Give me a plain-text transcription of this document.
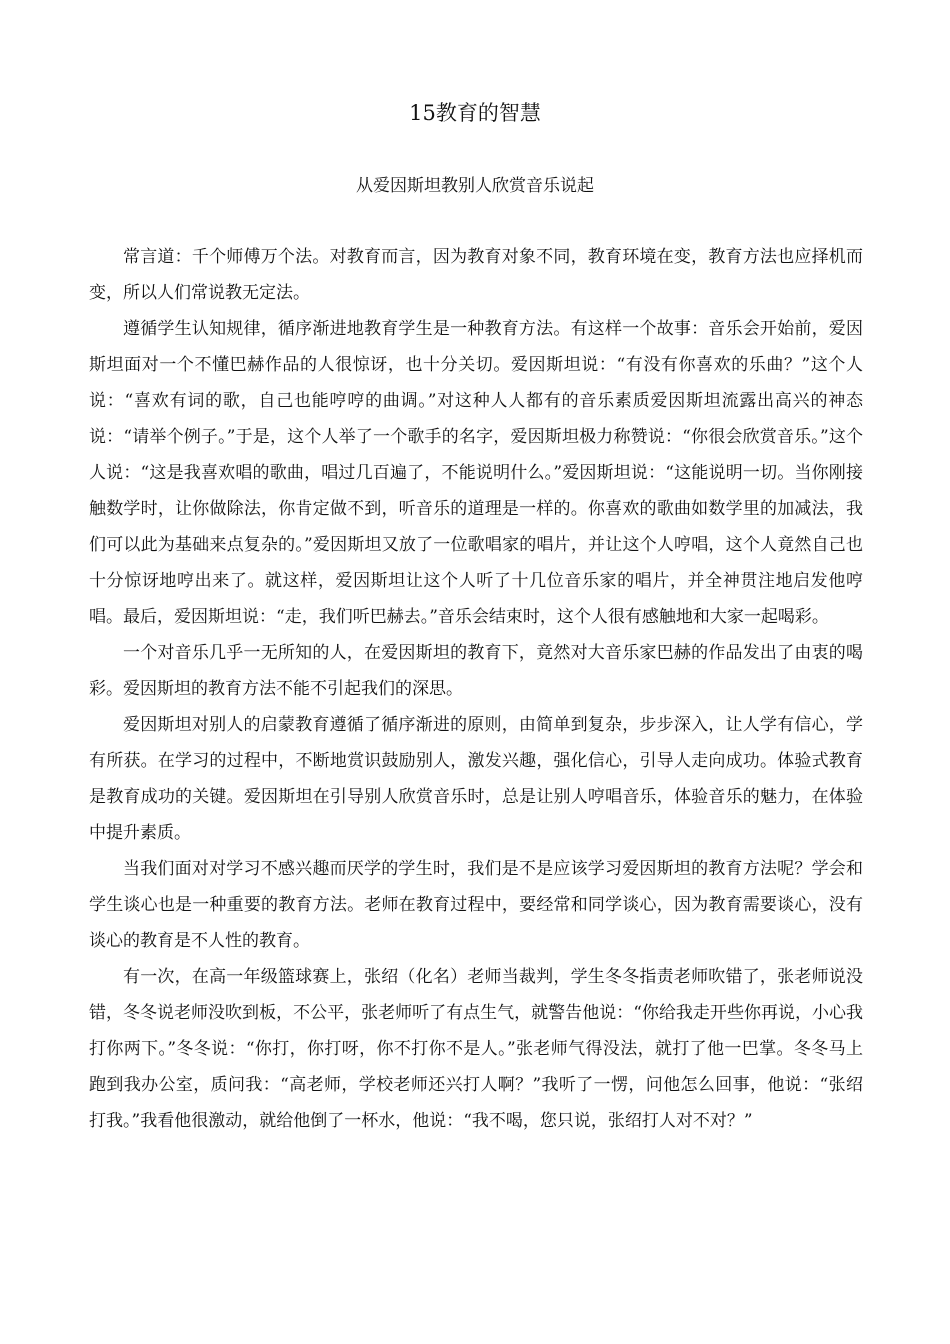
15教育的智慧
从爱因斯坦教别人欣赏音乐说起

常言道：千个师傅万个法。对教育而言，因为教育对象不同，教育环境在变，教育方法也应择机而变，所以人们常说教无定法。

遵循学生认知规律，循序渐进地教育学生是一种教育方法。有这样一个故事：音乐会开始前，爱因斯坦面对一个不懂巴赫作品的人很惊讶，也十分关切。爱因斯坦说：“有没有你喜欢的乐曲？”这个人说：“喜欢有词的歌，自己也能哼哼的曲调。”对这种人人都有的音乐素质爱因斯坦流露出高兴的神态说：“请举个例子。”于是，这个人举了一个歌手的名字，爱因斯坦极力称赞说：“你很会欣赏音乐。”这个人说：“这是我喜欢唱的歌曲，唱过几百遍了，不能说明什么。”爱因斯坦说：“这能说明一切。当你刚接触数学时，让你做除法，你肯定做不到，听音乐的道理是一样的。你喜欢的歌曲如数学里的加减法，我们可以此为基础来点复杂的。”爱因斯坦又放了一位歌唱家的唱片，并让这个人哼唱，这个人竟然自己也十分惊讶地哼出来了。就这样，爱因斯坦让这个人听了十几位音乐家的唱片，并全神贯注地启发他哼唱。最后，爱因斯坦说：“走，我们听巴赫去。”音乐会结束时，这个人很有感触地和大家一起喝彩。

一个对音乐几乎一无所知的人，在爱因斯坦的教育下，竟然对大音乐家巴赫的作品发出了由衷的喝彩。爱因斯坦的教育方法不能不引起我们的深思。

爱因斯坦对别人的启蒙教育遵循了循序渐进的原则，由简单到复杂，步步深入，让人学有信心，学有所获。在学习的过程中，不断地赏识鼓励别人，激发兴趣，强化信心，引导人走向成功。体验式教育是教育成功的关键。爱因斯坦在引导别人欣赏音乐时，总是让别人哼唱音乐，体验音乐的魅力，在体验中提升素质。

当我们面对对学习不感兴趣而厌学的学生时，我们是不是应该学习爱因斯坦的教育方法呢？学会和学生谈心也是一种重要的教育方法。老师在教育过程中，要经常和同学谈心，因为教育需要谈心，没有谈心的教育是不人性的教育。

有一次，在高一年级篮球赛上，张绍（化名）老师当裁判，学生冬冬指责老师吹错了，张老师说没错，冬冬说老师没吹到板，不公平，张老师听了有点生气，就警告他说：“你给我走开些你再说，小心我打你两下。”冬冬说：“你打，你打呀，你不打你不是人。”张老师气得没法，就打了他一巴掌。冬冬马上跑到我办公室，质问我：“高老师，学校老师还兴打人啊？”我听了一愣，问他怎么回事，他说：“张绍打我。”我看他很激动，就给他倒了一杯水，他说：“我不喝，您只说，张绍打人对不对？”
